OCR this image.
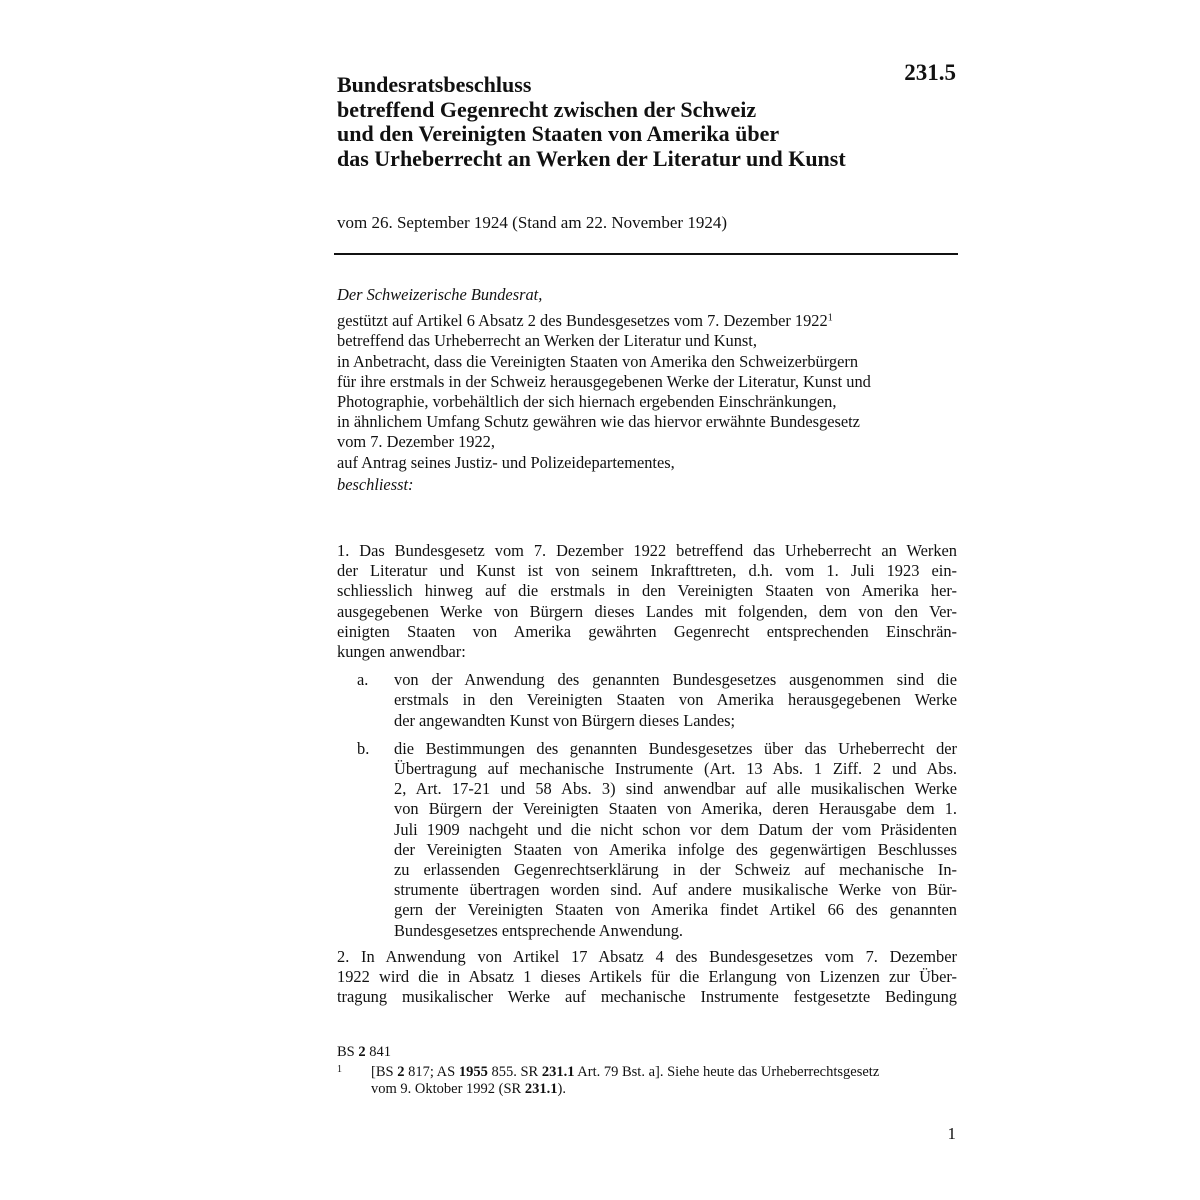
231.5
Bundesratsbeschluss
betreffend Gegenrecht zwischen der Schweiz
und den Vereinigten Staaten von Amerika über
das Urheberrecht an Werken der Literatur und Kunst
vom 26. September 1924 (Stand am 22. November 1924)
Der Schweizerische Bundesrat,
gestützt auf Artikel 6 Absatz 2 des Bundesgesetzes vom 7. Dezember 1922$^1$
betreffend das Urheberrecht an Werken der Literatur und Kunst,
in Anbetracht, dass die Vereinigten Staaten von Amerika den Schweizerbürgern
für ihre erstmals in der Schweiz herausgegebenen Werke der Literatur, Kunst und
Photographie, vorbehältlich der sich hiernach ergebenden Einschränkungen,
in ähnlichem Umfang Schutz gewähren wie das hiervor erwähnte Bundesgesetz
vom 7. Dezember 1922,
auf Antrag seines Justiz- und Polizeidepartementes,
beschliesst:
1. Das Bundesgesetz vom 7. Dezember 1922 betreffend das Urheberrecht an Werken
der Literatur und Kunst ist von seinem Inkrafttreten, d.h. vom 1. Juli 1923 ein-
schliesslich hinweg auf die erstmals in den Vereinigten Staaten von Amerika her-
ausgegebenen Werke von Bürgern dieses Landes mit folgenden, dem von den Ver-
einigten Staaten von Amerika gewährten Gegenrecht entsprechenden Einschrän-
kungen anwendbar:
a. von der Anwendung des genannten Bundesgesetzes ausgenommen sind die
erstmals in den Vereinigten Staaten von Amerika herausgegebenen Werke
der angewandten Kunst von Bürgern dieses Landes;
b. die Bestimmungen des genannten Bundesgesetzes über das Urheberrecht der
Übertragung auf mechanische Instrumente (Art. 13 Abs. 1 Ziff. 2 und Abs.
2, Art. 17-21 und 58 Abs. 3) sind anwendbar auf alle musikalischen Werke
von Bürgern der Vereinigten Staaten von Amerika, deren Herausgabe dem 1.
Juli 1909 nachgeht und die nicht schon vor dem Datum der vom Präsidenten
der Vereinigten Staaten von Amerika infolge des gegenwärtigen Beschlusses
zu erlassenden Gegenrechtserklärung in der Schweiz auf mechanische In-
strumente übertragen worden sind. Auf andere musikalische Werke von Bür-
gern der Vereinigten Staaten von Amerika findet Artikel 66 des genannten
Bundesgesetzes entsprechende Anwendung.
2. In Anwendung von Artikel 17 Absatz 4 des Bundesgesetzes vom 7. Dezember
1922 wird die in Absatz 1 dieses Artikels für die Erlangung von Lizenzen zur Über-
tragung musikalischer Werke auf mechanische Instrumente festgesetzte Bedingung
BS 2 841
1 [BS 2 817; AS 1955 855. SR 231.1 Art. 79 Bst. a]. Siehe heute das Urheberrechtsgesetz
vom 9. Oktober 1992 (SR 231.1).
1
